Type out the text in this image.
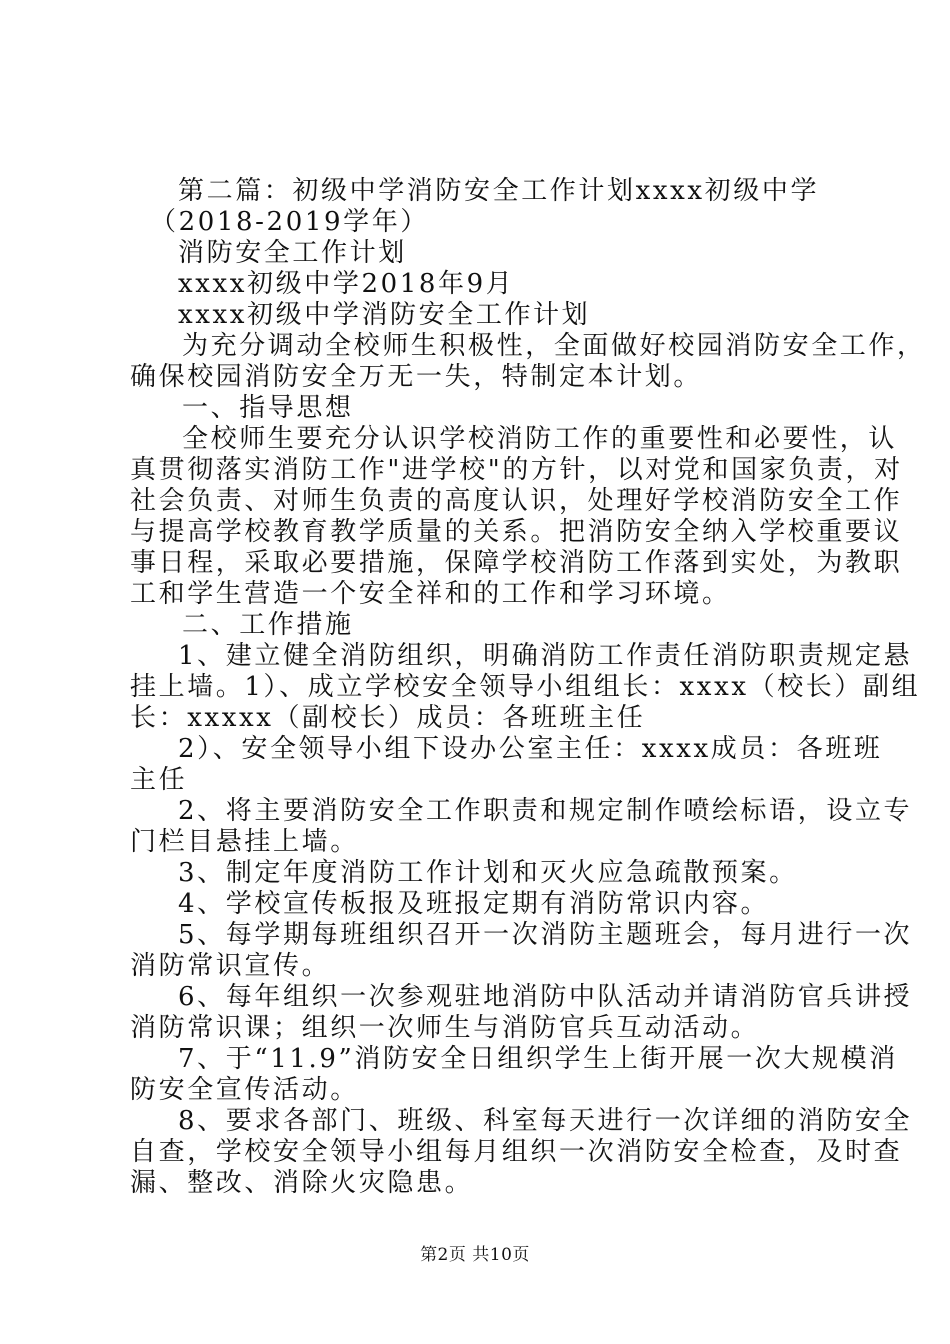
第二篇：初级中学消防安全工作计划xxxx初级中学
（2018-2019学年）
消防安全工作计划
xxxx初级中学2018年9月
xxxx初级中学消防安全工作计划
为充分调动全校师生积极性，全面做好校园消防安全工作，
确保校园消防安全万无一失，特制定本计划。
一、指导思想
全校师生要充分认识学校消防工作的重要性和必要性，认
真贯彻落实消防工作"进学校"的方针，以对党和国家负责，对
社会负责、对师生负责的高度认识，处理好学校消防安全工作
与提高学校教育教学质量的关系。把消防安全纳入学校重要议
事日程，采取必要措施，保障学校消防工作落到实处，为教职
工和学生营造一个安全祥和的工作和学习环境。
二、工作措施
1、建立健全消防组织，明确消防工作责任消防职责规定悬
挂上墙。1）、成立学校安全领导小组组长：xxxx（校长）副组
长：xxxxx（副校长）成员：各班班主任
2）、安全领导小组下设办公室主任：xxxx成员：各班班
主任
2、将主要消防安全工作职责和规定制作喷绘标语，设立专
门栏目悬挂上墙。
3、制定年度消防工作计划和灭火应急疏散预案。
4、学校宣传板报及班报定期有消防常识内容。
5、每学期每班组织召开一次消防主题班会，每月进行一次
消防常识宣传。
6、每年组织一次参观驻地消防中队活动并请消防官兵讲授
消防常识课；组织一次师生与消防官兵互动活动。
7、于“11.9”消防安全日组织学生上街开展一次大规模消
防安全宣传活动。
8、要求各部门、班级、科室每天进行一次详细的消防安全
自查，学校安全领导小组每月组织一次消防安全检查，及时查
漏、整改、消除火灾隐患。
第2页 共10页
